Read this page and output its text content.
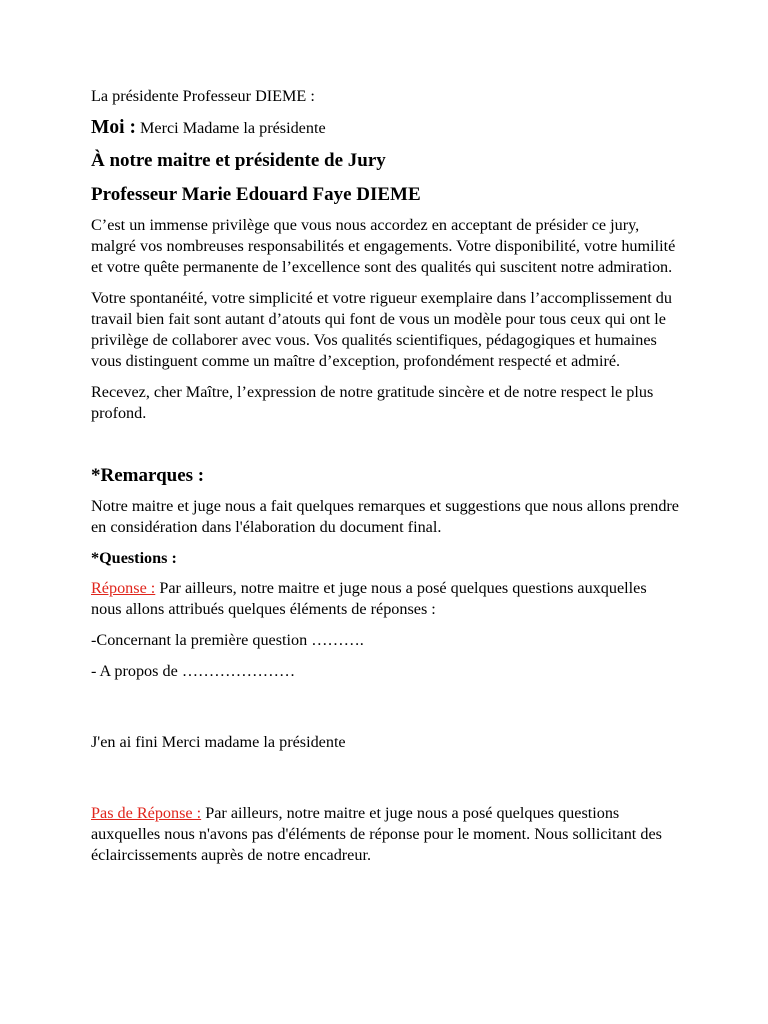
La présidente Professeur DIEME :

Moi : Merci Madame la présidente

À notre maitre et présidente de Jury

Professeur Marie Edouard Faye DIEME

C’est un immense privilège que vous nous accordez en acceptant de présider ce jury, malgré vos nombreuses responsabilités et engagements. Votre disponibilité, votre humilité et votre quête permanente de l’excellence sont des qualités qui suscitent notre admiration.

Votre spontanéité, votre simplicité et votre rigueur exemplaire dans l’accomplissement du travail bien fait sont autant d’atouts qui font de vous un modèle pour tous ceux qui ont le privilège de collaborer avec vous. Vos qualités scientifiques, pédagogiques et humaines vous distinguent comme un maître d’exception, profondément respecté et admiré.

Recevez, cher Maître, l’expression de notre gratitude sincère et de notre respect le plus profond.

*Remarques :

Notre maitre et juge nous a fait quelques remarques et suggestions que nous allons prendre en considération dans l'élaboration du document final.

*Questions :

Réponse : Par ailleurs, notre maitre et juge nous a posé quelques questions auxquelles nous allons attribués quelques éléments de réponses :

-Concernant la première question ……….

- A propos de …………………

J'en ai fini Merci madame la présidente

Pas de Réponse : Par ailleurs, notre maitre et juge nous a posé quelques questions auxquelles nous n'avons pas d'éléments de réponse pour le moment. Nous sollicitant des éclaircissements auprès de notre encadreur.
